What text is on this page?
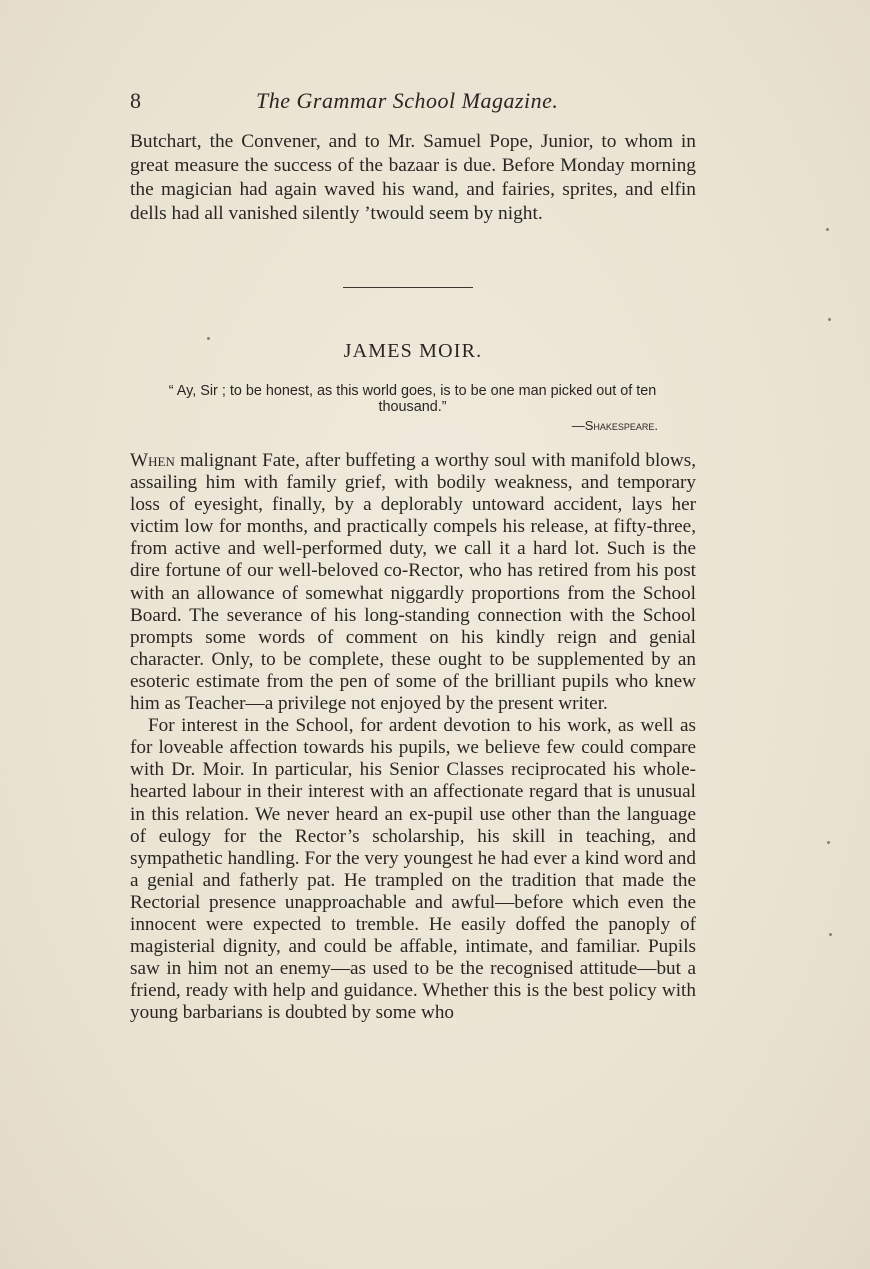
8	The Grammar School Magazine.

Butchart, the Convener, and to Mr. Samuel Pope, Junior, to whom in great measure the success of the bazaar is due. Before Monday morning the magician had again waved his wand, and fairies, sprites, and elfin dells had all vanished silently ’twould seem by night.

JAMES MOIR.

“ Ay, Sir ; to be honest, as this world goes, is to be one man picked out of ten thousand.”

—Shakespeare.

When malignant Fate, after buffeting a worthy soul with manifold blows, assailing him with family grief, with bodily weakness, and temporary loss of eyesight, finally, by a deplorably untoward accident, lays her victim low for months, and practically compels his release, at fifty-three, from active and well-performed duty, we call it a hard lot. Such is the dire fortune of our well-beloved co-Rector, who has retired from his post with an allowance of somewhat niggardly proportions from the School Board. The severance of his long-standing connection with the School prompts some words of comment on his kindly reign and genial character. Only, to be complete, these ought to be supplemented by an esoteric estimate from the pen of some of the brilliant pupils who knew him as Teacher—a privilege not enjoyed by the present writer.

For interest in the School, for ardent devotion to his work, as well as for loveable affection towards his pupils, we believe few could compare with Dr. Moir. In particular, his Senior Classes reciprocated his whole-hearted labour in their interest with an affectionate regard that is unusual in this relation. We never heard an ex-pupil use other than the language of eulogy for the Rector’s scholarship, his skill in teaching, and sympathetic handling. For the very youngest he had ever a kind word and a genial and fatherly pat. He trampled on the tradition that made the Rectorial presence unapproachable and awful—before which even the innocent were expected to tremble. He easily doffed the panoply of magisterial dignity, and could be affable, intimate, and familiar. Pupils saw in him not an enemy—as used to be the recognised attitude—but a friend, ready with help and guidance. Whether this is the best policy with young barbarians is doubted by some who
